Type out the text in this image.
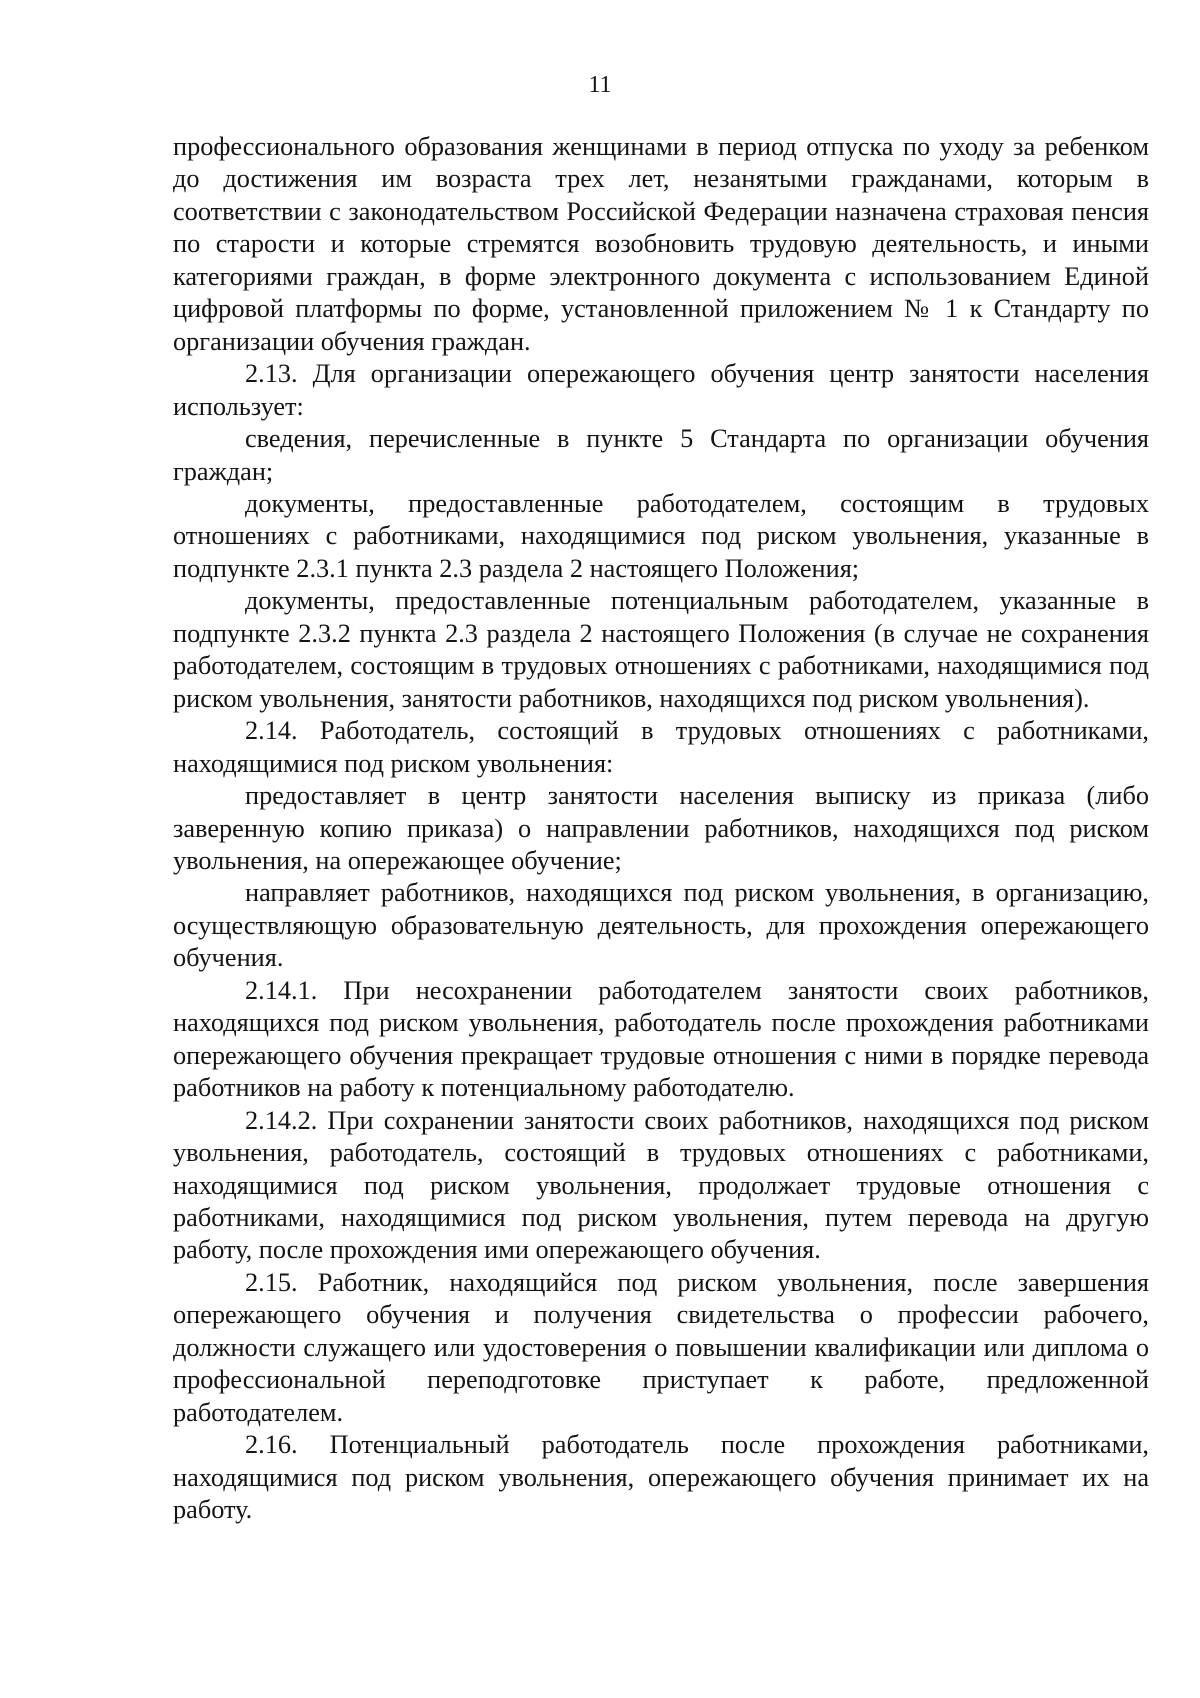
11

профессионального образования женщинами в период отпуска по уходу за ребенком до достижения им возраста трех лет, незанятыми гражданами, которым в соответствии с законодательством Российской Федерации назначена страховая пенсия по старости и которые стремятся возобновить трудовую деятельность, и иными категориями граждан, в форме электронного документа с использованием Единой цифровой платформы по форме, установленной приложением № 1 к Стандарту по организации обучения граждан.

2.13. Для организации опережающего обучения центр занятости населения использует:

сведения, перечисленные в пункте 5 Стандарта по организации обучения граждан;

документы, предоставленные работодателем, состоящим в трудовых отношениях с работниками, находящимися под риском увольнения, указанные в подпункте 2.3.1 пункта 2.3 раздела 2 настоящего Положения;

документы, предоставленные потенциальным работодателем, указанные в подпункте 2.3.2 пункта 2.3 раздела 2 настоящего Положения (в случае не сохранения работодателем, состоящим в трудовых отношениях с работниками, находящимися под риском увольнения, занятости работников, находящихся под риском увольнения).

2.14. Работодатель, состоящий в трудовых отношениях с работниками, находящимися под риском увольнения:

предоставляет в центр занятости населения выписку из приказа (либо заверенную копию приказа) о направлении работников, находящихся под риском увольнения, на опережающее обучение;

направляет работников, находящихся под риском увольнения, в организацию, осуществляющую образовательную деятельность, для прохождения опережающего обучения.

2.14.1. При несохранении работодателем занятости своих работников, находящихся под риском увольнения, работодатель после прохождения работниками опережающего обучения прекращает трудовые отношения с ними в порядке перевода работников на работу к потенциальному работодателю.

2.14.2. При сохранении занятости своих работников, находящихся под риском увольнения, работодатель, состоящий в трудовых отношениях с работниками, находящимися под риском увольнения, продолжает трудовые отношения с работниками, находящимися под риском увольнения, путем перевода на другую работу, после прохождения ими опережающего обучения.

2.15. Работник, находящийся под риском увольнения, после завершения опережающего обучения и получения свидетельства о профессии рабочего, должности служащего или удостоверения о повышении квалификации или диплома о профессиональной переподготовке приступает к работе, предложенной работодателем.

2.16. Потенциальный работодатель после прохождения работниками, находящимися под риском увольнения, опережающего обучения принимает их на работу.
